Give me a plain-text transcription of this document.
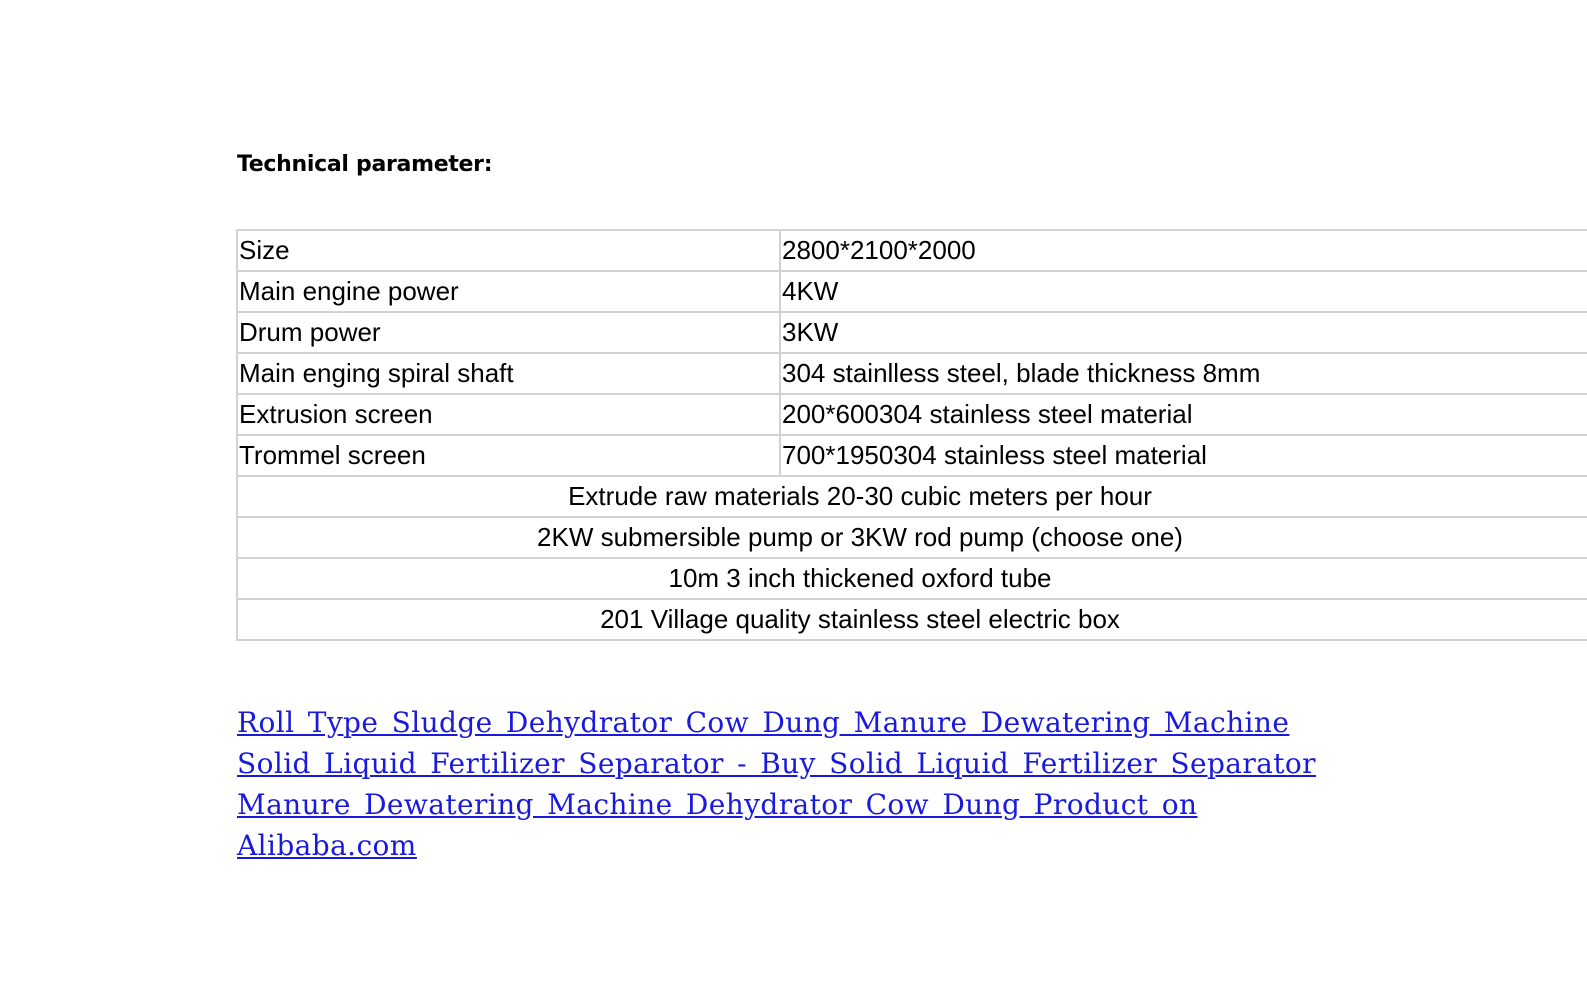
Technical parameter:
Size	2800*2100*2000
Main engine power	4KW
Drum power	3KW
Main enging spiral shaft	304 stainlless steel, blade thickness 8mm
Extrusion screen	200*600304 stainless steel material
Trommel screen	700*1950304 stainless steel material
Extrude raw materials 20-30 cubic meters per hour	
2KW submersible pump or 3KW rod pump (choose one)	
10m 3 inch thickened oxford tube	
201 Village quality stainless steel electric box	
Roll Type Sludge Dehydrator Cow Dung Manure Dewatering Machine Solid Liquid Fertilizer Separator - Buy Solid Liquid Fertilizer Separator Manure Dewatering Machine Dehydrator Cow Dung Product on Alibaba.com
